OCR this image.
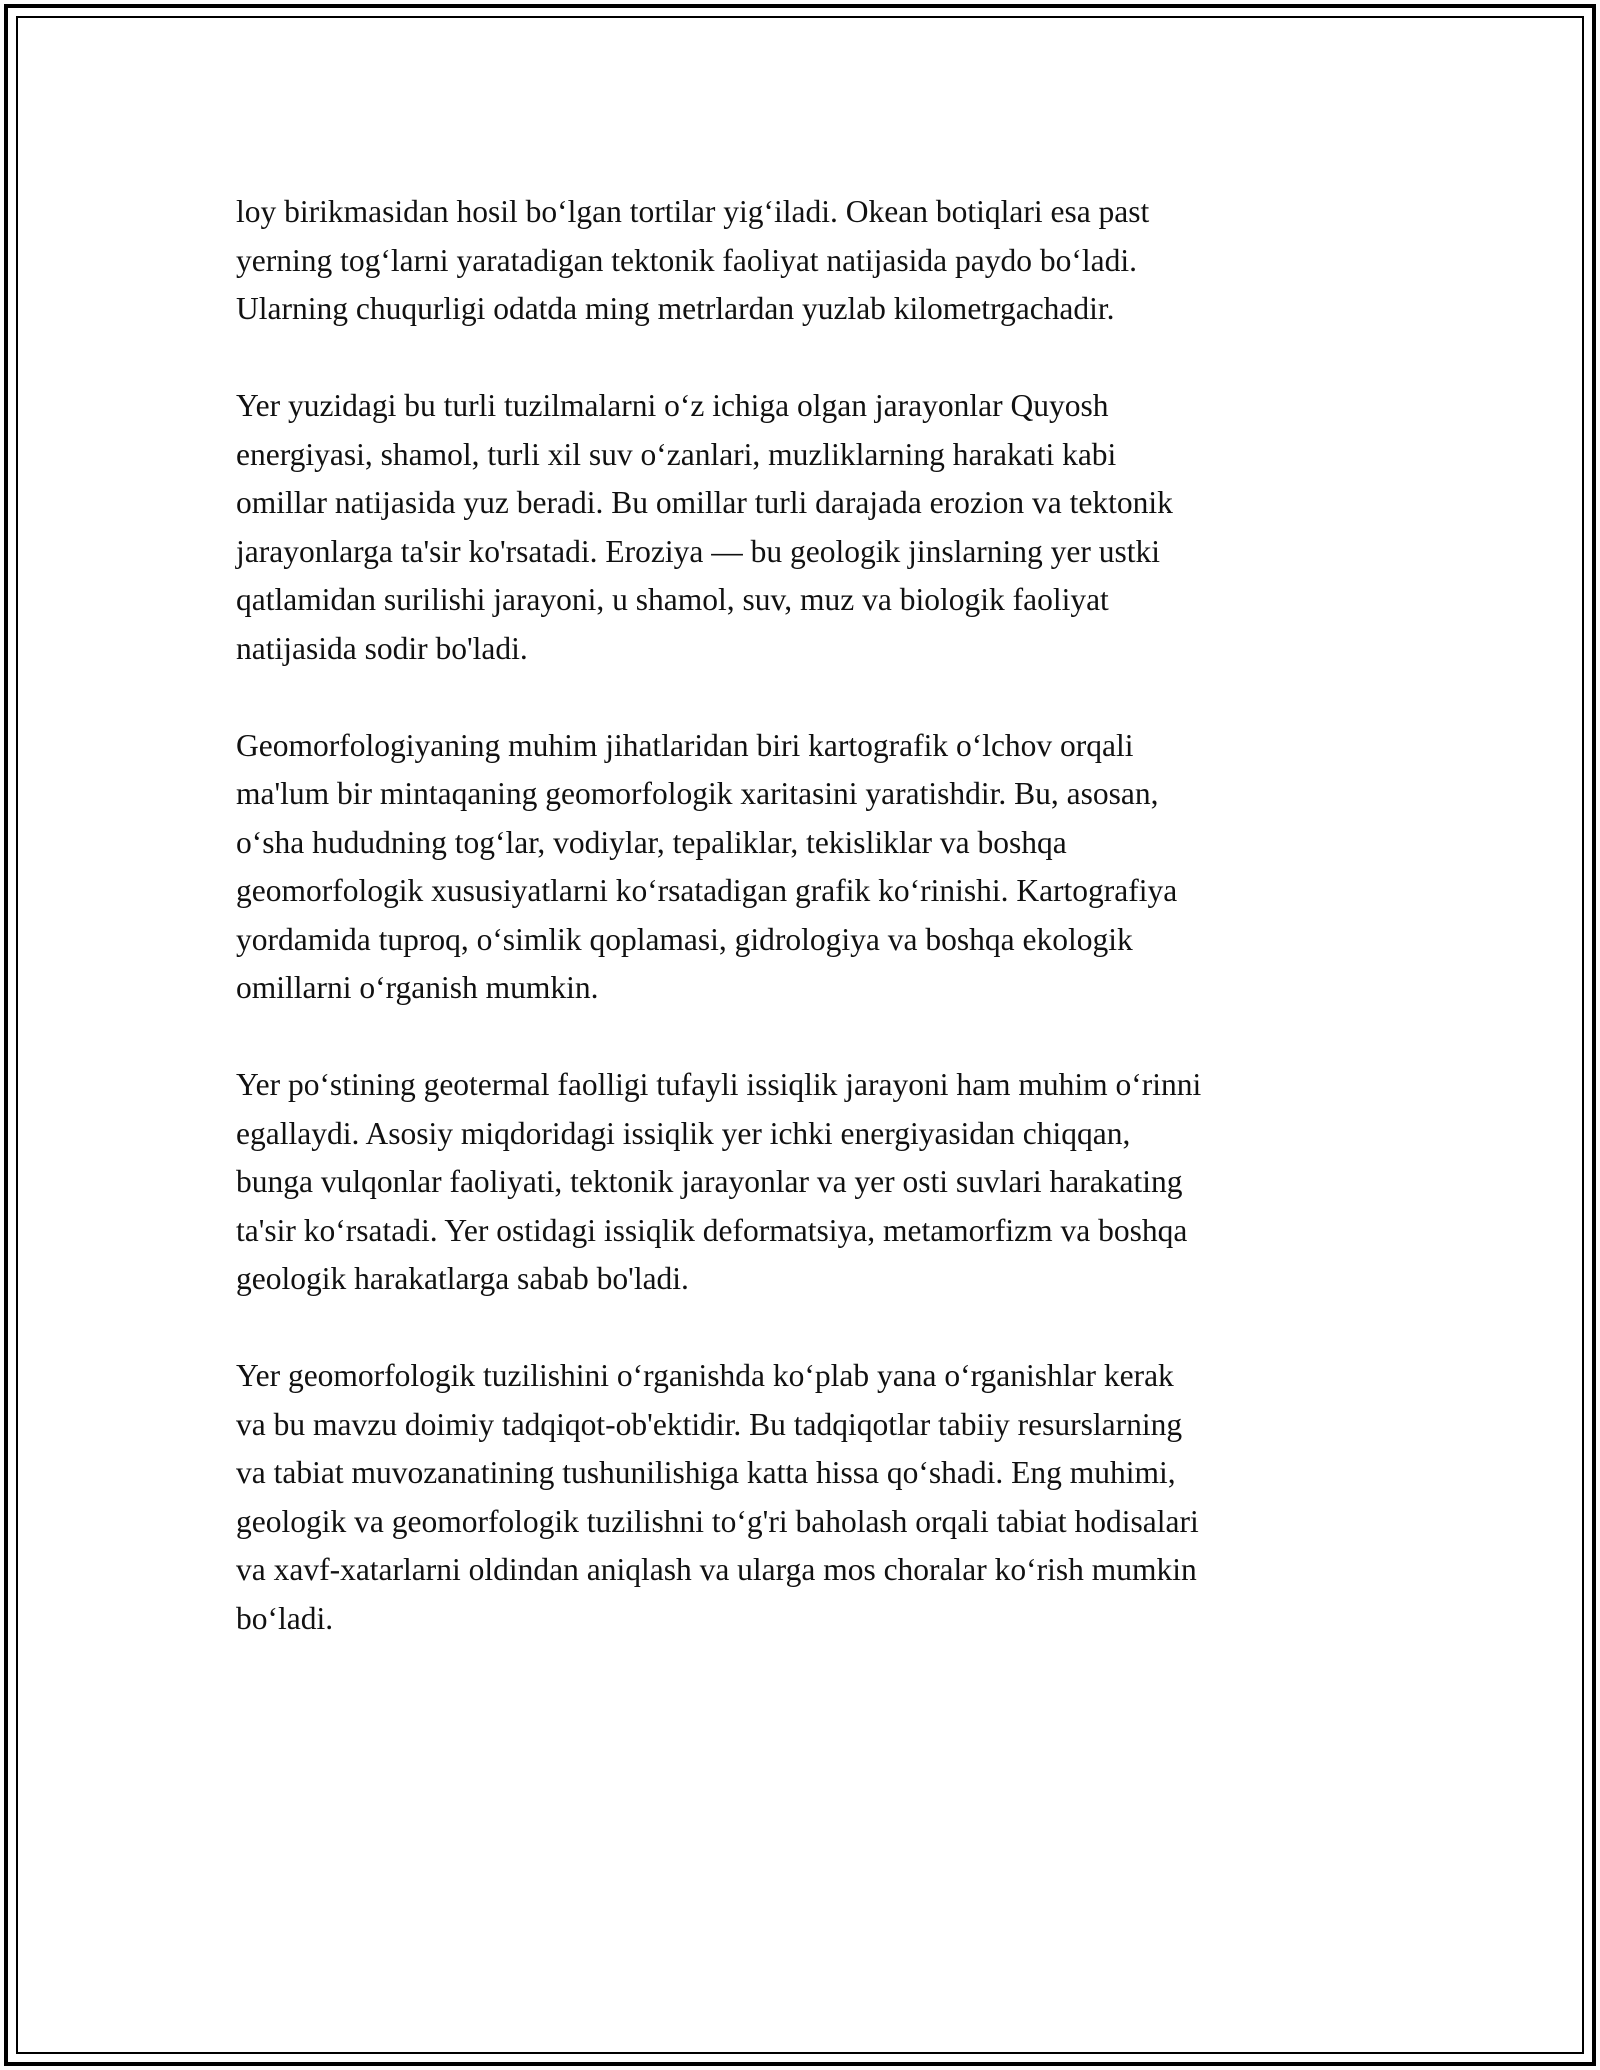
loy birikmasidan hosil bo‘lgan tortilar yig‘iladi. Okean botiqlari esa past
yerning tog‘larni yaratadigan tektonik faoliyat natijasida paydo bo‘ladi.
Ularning chuqurligi odatda ming metrlardan yuzlab kilometrgachadir.

Yer yuzidagi bu turli tuzilmalarni o‘z ichiga olgan jarayonlar Quyosh
energiyasi, shamol, turli xil suv o‘zanlari, muzliklarning harakati kabi
omillar natijasida yuz beradi. Bu omillar turli darajada erozion va tektonik
jarayonlarga ta'sir ko'rsatadi. Eroziya — bu geologik jinslarning yer ustki
qatlamidan surilishi jarayoni, u shamol, suv, muz va biologik faoliyat
natijasida sodir bo'ladi.

Geomorfologiyaning muhim jihatlaridan biri kartografik o‘lchov orqali
ma'lum bir mintaqaning geomorfologik xaritasini yaratishdir. Bu, asosan,
o‘sha hududning tog‘lar, vodiylar, tepaliklar, tekisliklar va boshqa
geomorfologik xususiyatlarni ko‘rsatadigan grafik ko‘rinishi. Kartografiya
yordamida tuproq, o‘simlik qoplamasi, gidrologiya va boshqa ekologik
omillarni o‘rganish mumkin.

Yer po‘stining geotermal faolligi tufayli issiqlik jarayoni ham muhim o‘rinni
egallaydi. Asosiy miqdoridagi issiqlik yer ichki energiyasidan chiqqan,
bunga vulqonlar faoliyati, tektonik jarayonlar va yer osti suvlari harakating
ta'sir ko‘rsatadi. Yer ostidagi issiqlik deformatsiya, metamorfizm va boshqa
geologik harakatlarga sabab bo'ladi.

Yer geomorfologik tuzilishini o‘rganishda ko‘plab yana o‘rganishlar kerak
va bu mavzu doimiy tadqiqot-ob'ektidir. Bu tadqiqotlar tabiiy resurslarning
va tabiat muvozanatining tushunilishiga katta hissa qo‘shadi. Eng muhimi,
geologik va geomorfologik tuzilishni to‘g'ri baholash orqali tabiat hodisalari
va xavf-xatarlarni oldindan aniqlash va ularga mos choralar ko‘rish mumkin
bo‘ladi.
